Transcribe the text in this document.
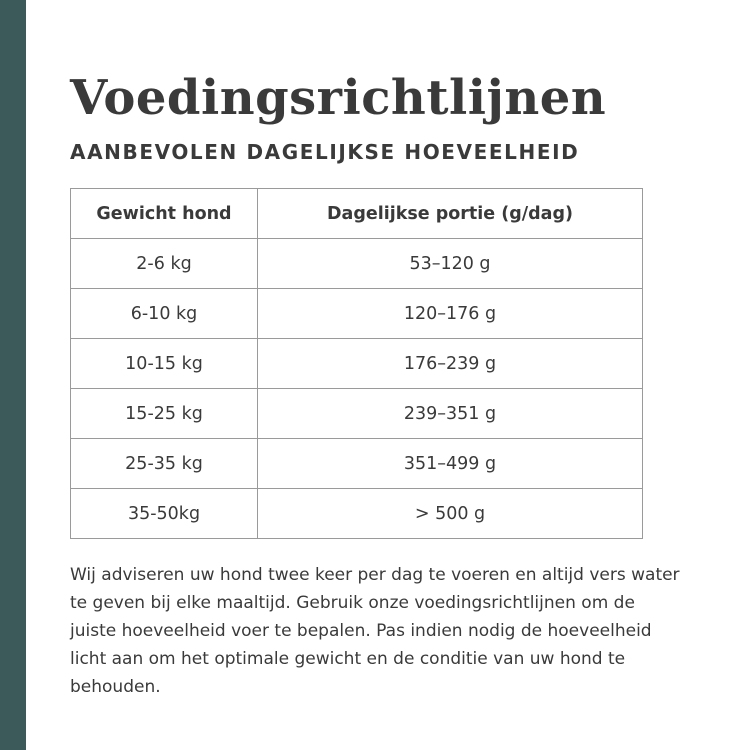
Voedingsrichtlijnen
AANBEVOLEN DAGELIJKSE HOEVEELHEID
Gewicht hond	Dagelijkse portie (g/dag)
2-6 kg	53–120 g
6-10 kg	120–176 g
10-15 kg	176–239 g
15-25 kg	239–351 g
25-35 kg	351–499 g
35-50kg	> 500 g

Wij adviseren uw hond twee keer per dag te voeren en altijd vers water te geven bij elke maaltijd. Gebruik onze voedingsrichtlijnen om de juiste hoeveelheid voer te bepalen. Pas indien nodig de hoeveelheid licht aan om het optimale gewicht en de conditie van uw hond te behouden.
